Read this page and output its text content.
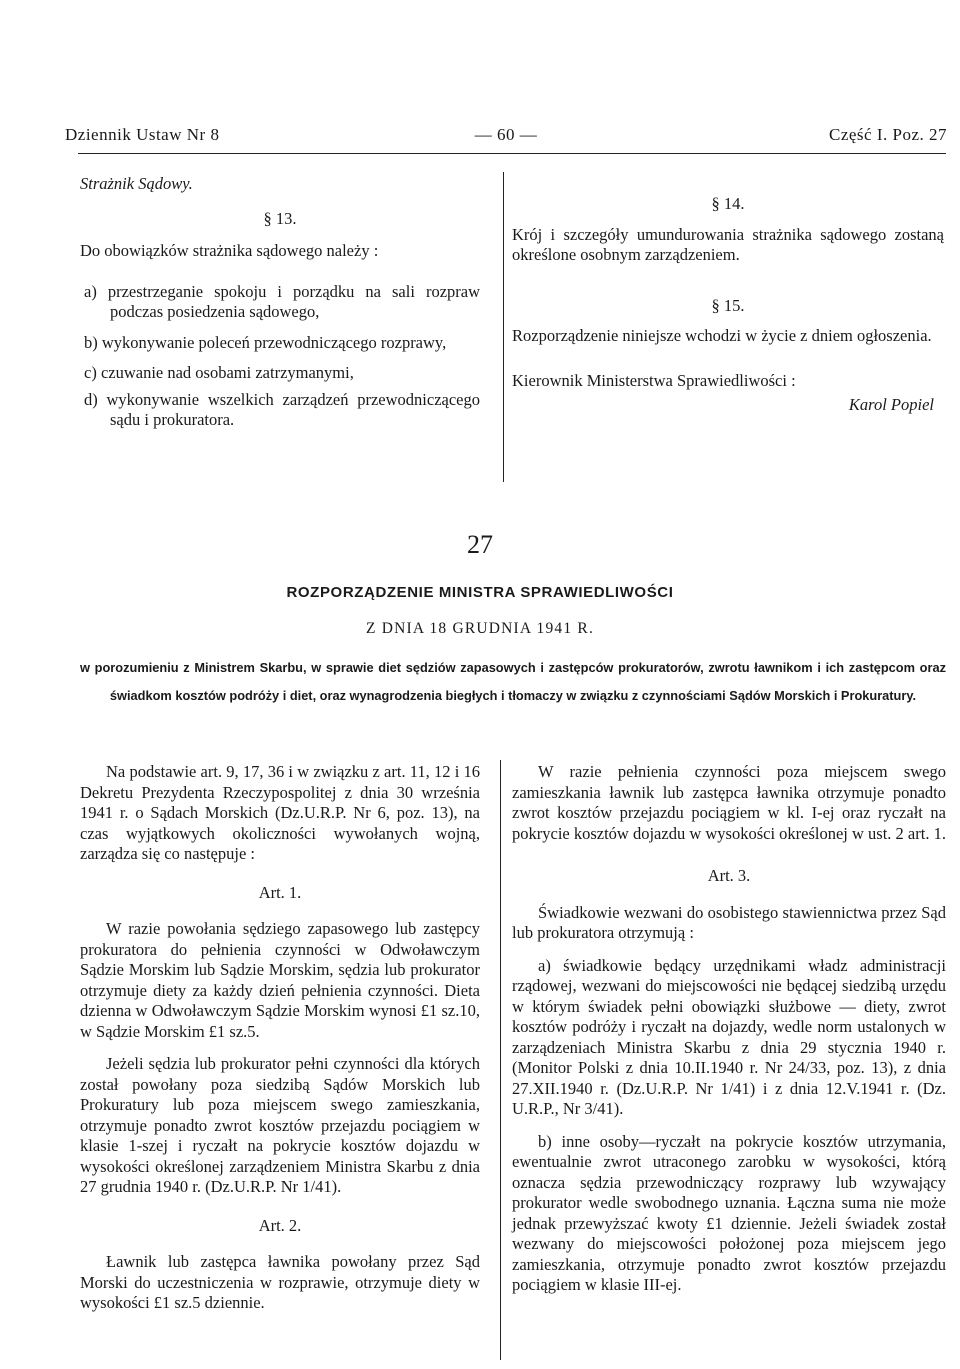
Dziennik Ustaw Nr 8	— 60 —	Część I. Poz. 27

Strażnik Sądowy.

§ 13.

Do obowiązków strażnika sądowego należy :

a) przestrzeganie spokoju i porządku na sali rozpraw podczas posiedzenia sądowego,
b) wykonywanie poleceń przewodniczącego rozprawy,
c) czuwanie nad osobami zatrzymanymi,
d) wykonywanie wszelkich zarządzeń przewodniczącego sądu i prokuratora.

§ 14.

Krój i szczegóły umundurowania strażnika sądowego zostaną określone osobnym zarządzeniem.

§ 15.

Rozporządzenie niniejsze wchodzi w życie z dniem ogłoszenia.

Kierownik Ministerstwa Sprawiedliwości :

Karol Popiel

27
ROZPORZĄDZENIE MINISTRA SPRAWIEDLIWOŚCI
Z DNIA 18 GRUDNIA 1941 R.
w porozumieniu z Ministrem Skarbu, w sprawie diet sędziów zapasowych i zastępców prokuratorów, zwrotu ławnikom i ich zastępcom oraz świadkom kosztów podróży i diet, oraz wynagrodzenia biegłych i tłomaczy w związku z czynnościami Sądów Morskich i Prokuratury.

Na podstawie art. 9, 17, 36 i w związku z art. 11, 12 i 16 Dekretu Prezydenta Rzeczypospolitej z dnia 30 września 1941 r. o Sądach Morskich (Dz.U.R.P. Nr 6, poz. 13), na czas wyjątkowych okoliczności wywołanych wojną, zarządza się co następuje :

Art. 1.

W razie powołania sędziego zapasowego lub zastępcy prokuratora do pełnienia czynności w Odwoławczym Sądzie Morskim lub Sądzie Morskim, sędzia lub prokurator otrzymuje diety za każdy dzień pełnienia czynności. Dieta dzienna w Odwoławczym Sądzie Morskim wynosi £1 sz.10, w Sądzie Morskim £1 sz.5.

Jeżeli sędzia lub prokurator pełni czynności dla których został powołany poza siedzibą Sądów Morskich lub Prokuratury lub poza miejscem swego zamieszkania, otrzymuje ponadto zwrot kosztów przejazdu pociągiem w klasie 1-szej i ryczałt na pokrycie kosztów dojazdu w wysokości określonej zarządzeniem Ministra Skarbu z dnia 27 grudnia 1940 r. (Dz.U.R.P. Nr 1/41).

Art. 2.

Ławnik lub zastępca ławnika powołany przez Sąd Morski do uczestniczenia w rozprawie, otrzymuje diety w wysokości £1 sz.5 dziennie.

W razie pełnienia czynności poza miejscem swego zamieszkania ławnik lub zastępca ławnika otrzymuje ponadto zwrot kosztów przejazdu pociągiem w kl. I-ej oraz ryczałt na pokrycie kosztów dojazdu w wysokości określonej w ust. 2 art. 1.

Art. 3.

Świadkowie wezwani do osobistego stawiennictwa przez Sąd lub prokuratora otrzymują :

a) świadkowie będący urzędnikami władz administracji rządowej, wezwani do miejscowości nie będącej siedzibą urzędu w którym świadek pełni obowiązki służbowe — diety, zwrot kosztów podróży i ryczałt na dojazdy, wedle norm ustalonych w zarządzeniach Ministra Skarbu z dnia 29 stycznia 1940 r. (Monitor Polski z dnia 10.II.1940 r. Nr 24/33, poz. 13), z dnia 27.XII.1940 r. (Dz.U.R.P. Nr 1/41) i z dnia 12.V.1941 r. (Dz. U.R.P., Nr 3/41).

b) inne osoby—ryczałt na pokrycie kosztów utrzymania, ewentualnie zwrot utraconego zarobku w wysokości, którą oznacza sędzia przewodniczący rozprawy lub wzywający prokurator wedle swobodnego uznania. Łączna suma nie może jednak przewyższać kwoty £1 dziennie. Jeżeli świadek został wezwany do miejscowości położonej poza miejscem jego zamieszkania, otrzymuje ponadto zwrot kosztów przejazdu pociągiem w klasie III-ej.
